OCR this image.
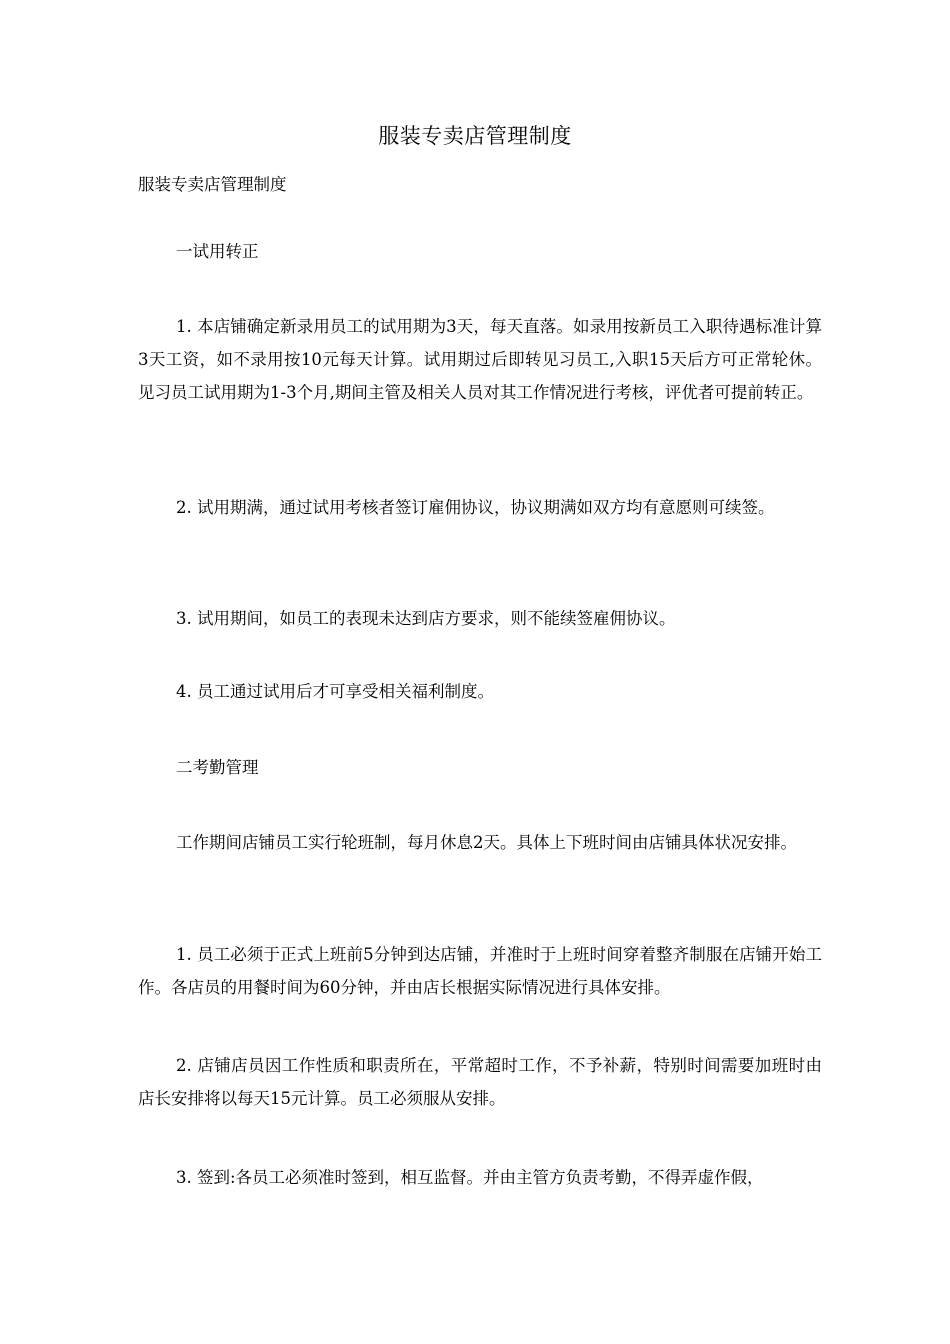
服装专卖店管理制度

服装专卖店管理制度

一试用转正

1. 本店铺确定新录用员工的试用期为3天，每天直落。如录用按新员工入职待遇标准计算3天工资，如不录用按10元每天计算。试用期过后即转见习员工,入职15天后方可正常轮休。见习员工试用期为1-3个月,期间主管及相关人员对其工作情况进行考核，评优者可提前转正。

2. 试用期满，通过试用考核者签订雇佣协议，协议期满如双方均有意愿则可续签。

3. 试用期间，如员工的表现未达到店方要求，则不能续签雇佣协议。

4. 员工通过试用后才可享受相关福利制度。

二考勤管理

工作期间店铺员工实行轮班制，每月休息2天。具体上下班时间由店铺具体状况安排。

1. 员工必须于正式上班前5分钟到达店铺，并准时于上班时间穿着整齐制服在店铺开始工作。各店员的用餐时间为60分钟，并由店长根据实际情况进行具体安排。

2. 店铺店员因工作性质和职责所在，平常超时工作，不予补薪，特别时间需要加班时由店长安排将以每天15元计算。员工必须服从安排。

3. 签到:各员工必须准时签到，相互监督。并由主管方负责考勤，不得弄虚作假，
